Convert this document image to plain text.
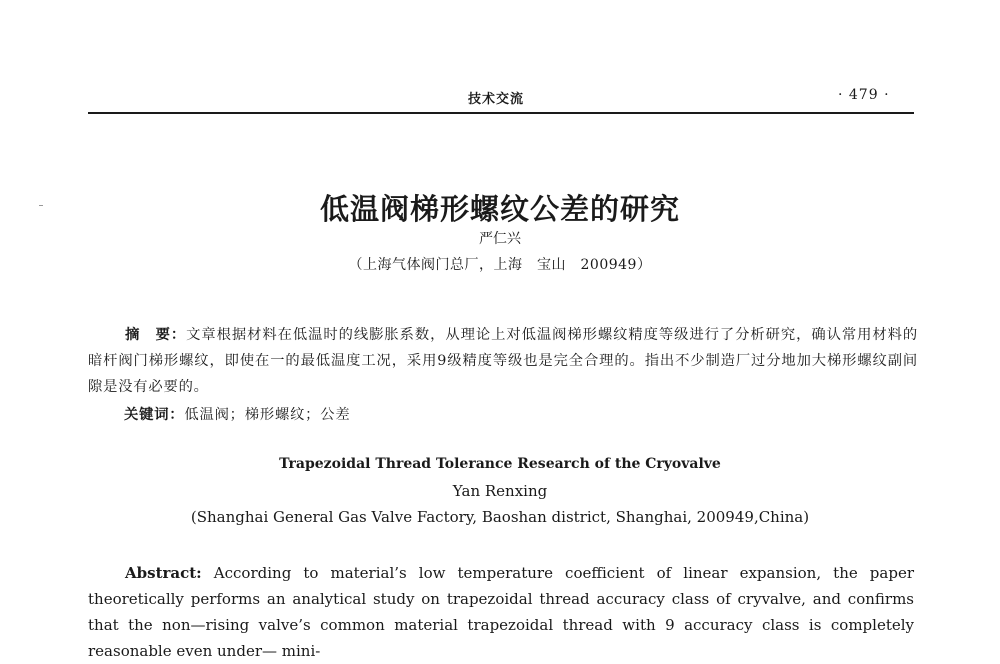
技术交流	· 479 ·
低温阀梯形螺纹公差的研究
严仁兴
（上海气体阀门总厂，上海　宝山　200949）
摘　要：文章根据材料在低温时的线膨胀系数，从理论上对低温阀梯形螺纹精度等级进行了分析研究，确认常用材料的暗杆阀门梯形螺纹，即使在一的最低温度工况，采用9级精度等级也是完全合理的。指出不少制造厂过分地加大梯形螺纹副间隙是没有必要的。
关键词：低温阀；梯形螺纹；公差
Trapezoidal Thread Tolerance Research of the Cryovalve
Yan Renxing
(Shanghai General Gas Valve Factory, Baoshan district, Shanghai, 200949,China)
Abstract: According to material’s low temperature coefficient of linear expansion, the paper theoretically performs an analytical study on trapezoidal thread accuracy class of cryvalve, and confirms that the non—rising valve’s common material trapezoidal thread with 9 accuracy class is completely reasonable even under— mini-
